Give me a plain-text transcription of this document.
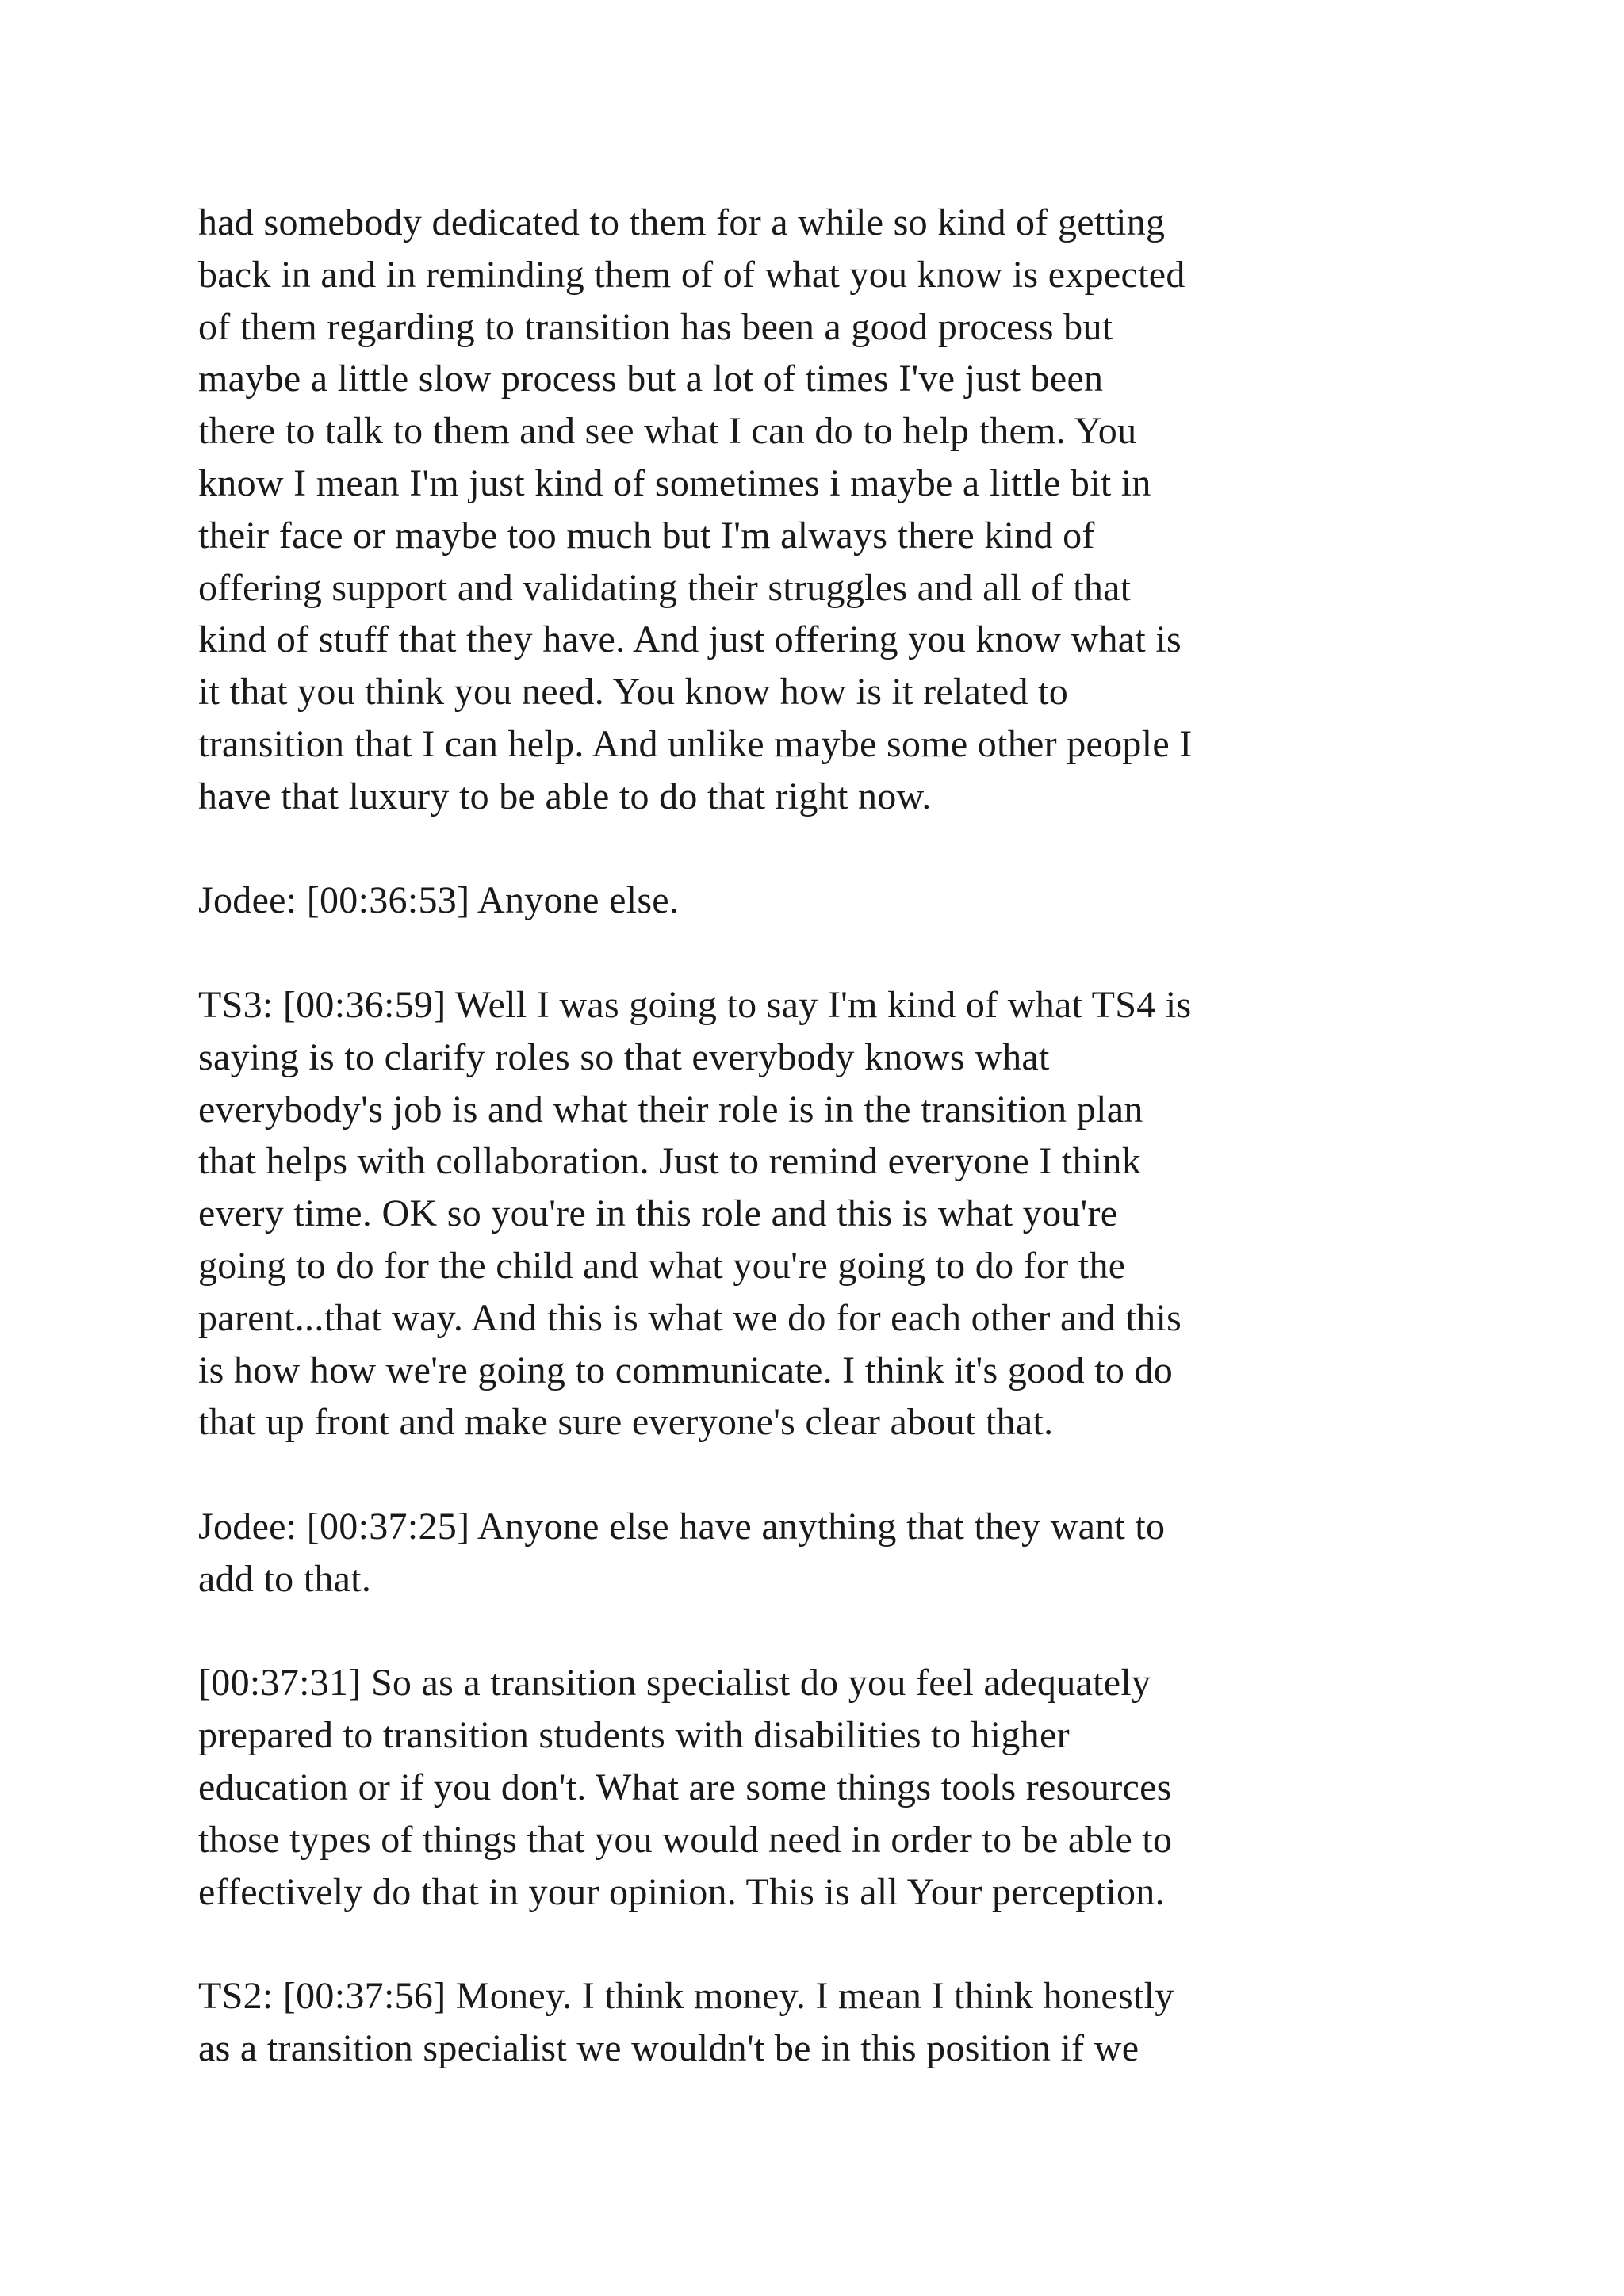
had somebody dedicated to them for a while so kind of getting
back in and in reminding them of of what you know is expected
of them regarding to transition has been a good process but
maybe a little slow process but a lot of times I've just been
there to talk to them and see what I can do to help them. You
know I mean I'm just kind of sometimes i maybe a little bit in
their face or maybe too much but I'm always there kind of
offering support and validating their struggles and all of that
kind of stuff that they have. And just offering you know what is
it that you think you need. You know how is it related to
transition that I can help. And unlike maybe some other people I
have that luxury to be able to do that right now.

Jodee: [00:36:53] Anyone else.

TS3: [00:36:59] Well I was going to say I'm kind of what TS4 is
saying is to clarify roles so that everybody knows what
everybody's job is and what their role is in the transition plan
that helps with collaboration. Just to remind everyone I think
every time. OK so you're in this role and this is what you're
going to do for the child and what you're going to do for the
parent...that way. And this is what we do for each other and this
is how how we're going to communicate. I think it's good to do
that up front and make sure everyone's clear about that.

Jodee: [00:37:25] Anyone else have anything that they want to
add to that.

[00:37:31] So as a transition specialist do you feel adequately
prepared to transition students with disabilities to higher
education or if you don't. What are some things tools resources
those types of things that you would need in order to be able to
effectively do that in your opinion. This is all Your perception.

TS2: [00:37:56] Money. I think money. I mean I think honestly
as a transition specialist we wouldn't be in this position if we
